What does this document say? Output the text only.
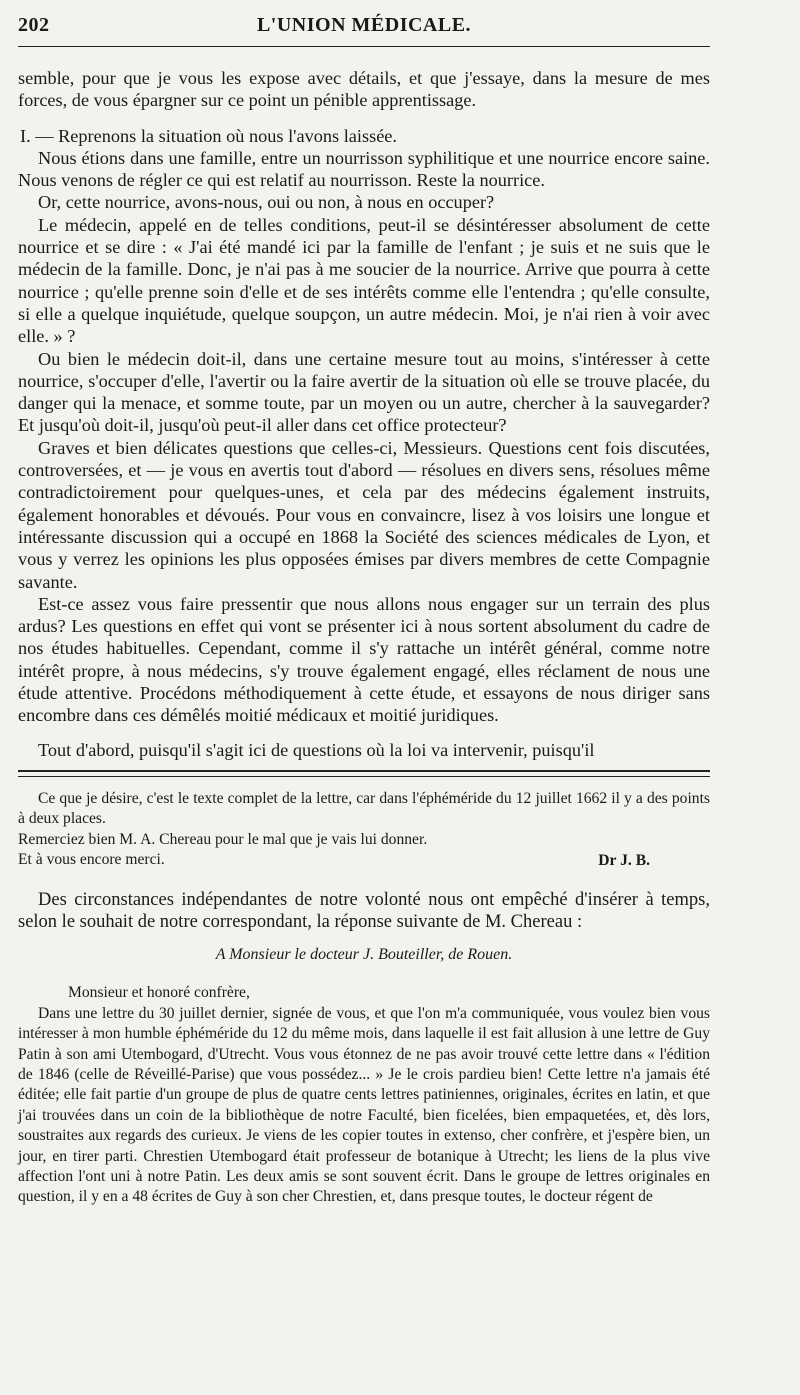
202	L'UNION MÉDICALE.

semble, pour que je vous les expose avec détails, et que j'essaye, dans la mesure de mes forces, de vous épargner sur ce point un pénible apprentissage.

I. — Reprenons la situation où nous l'avons laissée.

Nous étions dans une famille, entre un nourrisson syphilitique et une nourrice encore saine. Nous venons de régler ce qui est relatif au nourrisson. Reste la nourrice.

Or, cette nourrice, avons-nous, oui ou non, à nous en occuper?

Le médecin, appelé en de telles conditions, peut-il se désintéresser absolument de cette nourrice et se dire : « J'ai été mandé ici par la famille de l'enfant ; je suis et ne suis que le médecin de la famille. Donc, je n'ai pas à me soucier de la nourrice. Arrive que pourra à cette nourrice ; qu'elle prenne soin d'elle et de ses intérêts comme elle l'entendra ; qu'elle consulte, si elle a quelque inquiétude, quelque soupçon, un autre médecin. Moi, je n'ai rien à voir avec elle. » ?

Ou bien le médecin doit-il, dans une certaine mesure tout au moins, s'intéresser à cette nourrice, s'occuper d'elle, l'avertir ou la faire avertir de la situation où elle se trouve placée, du danger qui la menace, et somme toute, par un moyen ou un autre, chercher à la sauvegarder? Et jusqu'où doit-il, jusqu'où peut-il aller dans cet office protecteur?

Graves et bien délicates questions que celles-ci, Messieurs. Questions cent fois discutées, controversées, et — je vous en avertis tout d'abord — résolues en divers sens, résolues même contradictoirement pour quelques-unes, et cela par des médecins également instruits, également honorables et dévoués. Pour vous en convaincre, lisez à vos loisirs une longue et intéressante discussion qui a occupé en 1868 la Société des sciences médicales de Lyon, et vous y verrez les opinions les plus opposées émises par divers membres de cette Compagnie savante.

Est-ce assez vous faire pressentir que nous allons nous engager sur un terrain des plus ardus? Les questions en effet qui vont se présenter ici à nous sortent absolument du cadre de nos études habituelles. Cependant, comme il s'y rattache un intérêt général, comme notre intérêt propre, à nous médecins, s'y trouve également engagé, elles réclament de nous une étude attentive. Procédons méthodiquement à cette étude, et essayons de nous diriger sans encombre dans ces démêlés moitié médicaux et moitié juridiques.

Tout d'abord, puisqu'il s'agit ici de questions où la loi va intervenir, puisqu'il

Ce que je désire, c'est le texte complet de la lettre, car dans l'éphéméride du 12 juillet 1662 il y a des points à deux places.

Remerciez bien M. A. Chereau pour le mal que je vais lui donner.

Et à vous encore merci.	Dr J. B.

Des circonstances indépendantes de notre volonté nous ont empêché d'insérer à temps, selon le souhait de notre correspondant, la réponse suivante de M. Chereau :

A Monsieur le docteur J. Bouteiller, de Rouen.

Monsieur et honoré confrère,

Dans une lettre du 30 juillet dernier, signée de vous, et que l'on m'a communiquée, vous voulez bien vous intéresser à mon humble éphéméride du 12 du même mois, dans laquelle il est fait allusion à une lettre de Guy Patin à son ami Utembogard, d'Utrecht. Vous vous étonnez de ne pas avoir trouvé cette lettre dans « l'édition de 1846 (celle de Réveillé-Parise) que vous possédez... » Je le crois pardieu bien! Cette lettre n'a jamais été éditée; elle fait partie d'un groupe de plus de quatre cents lettres patiniennes, originales, écrites en latin, et que j'ai trouvées dans un coin de la bibliothèque de notre Faculté, bien ficelées, bien empaquetées, et, dès lors, soustraites aux regards des curieux. Je viens de les copier toutes in extenso, cher confrère, et j'espère bien, un jour, en tirer parti. Chrestien Utembogard était professeur de botanique à Utrecht; les liens de la plus vive affection l'ont uni à notre Patin. Les deux amis se sont souvent écrit. Dans le groupe de lettres originales en question, il y en a 48 écrites de Guy à son cher Chrestien, et, dans presque toutes, le docteur régent de
